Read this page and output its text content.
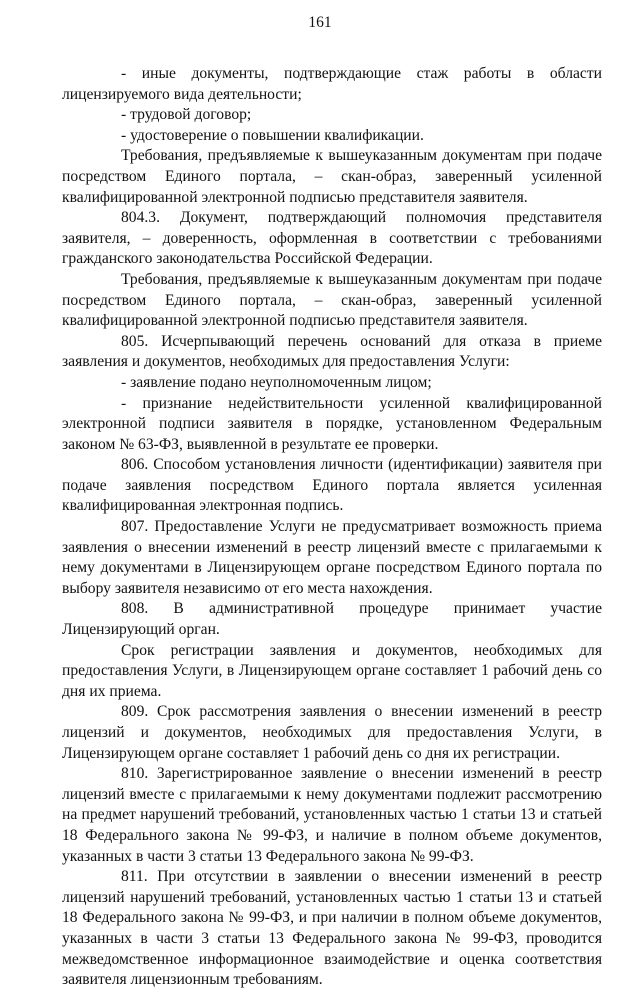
161

- иные документы, подтверждающие стаж работы в области лицензируемого вида деятельности;

- трудовой договор;

- удостоверение о повышении квалификации.

Требования, предъявляемые к вышеуказанным документам при подаче посредством Единого портала, – скан-образ, заверенный усиленной квалифицированной электронной подписью представителя заявителя.

804.3. Документ, подтверждающий полномочия представителя заявителя, – доверенность, оформленная в соответствии с требованиями гражданского законодательства Российской Федерации.

Требования, предъявляемые к вышеуказанным документам при подаче посредством Единого портала, – скан-образ, заверенный усиленной квалифицированной электронной подписью представителя заявителя.

805. Исчерпывающий перечень оснований для отказа в приеме заявления и документов, необходимых для предоставления Услуги:

- заявление подано неуполномоченным лицом;

- признание недействительности усиленной квалифицированной электронной подписи заявителя в порядке, установленном Федеральным законом № 63-ФЗ, выявленной в результате ее проверки.

806. Способом установления личности (идентификации) заявителя при подаче заявления посредством Единого портала является усиленная квалифицированная электронная подпись.

807. Предоставление Услуги не предусматривает возможность приема заявления о внесении изменений в реестр лицензий вместе с прилагаемыми к нему документами в Лицензирующем органе посредством Единого портала по выбору заявителя независимо от его места нахождения.

808. В административной процедуре принимает участие Лицензирующий орган.

Срок регистрации заявления и документов, необходимых для предоставления Услуги, в Лицензирующем органе составляет 1 рабочий день со дня их приема.

809. Срок рассмотрения заявления о внесении изменений в реестр лицензий и документов, необходимых для предоставления Услуги, в Лицензирующем органе составляет 1 рабочий день со дня их регистрации.

810. Зарегистрированное заявление о внесении изменений в реестр лицензий вместе с прилагаемыми к нему документами подлежит рассмотрению на предмет нарушений требований, установленных частью 1 статьи 13 и статьей 18 Федерального закона № 99-ФЗ, и наличие в полном объеме документов, указанных в части 3 статьи 13 Федерального закона № 99-ФЗ.

811. При отсутствии в заявлении о внесении изменений в реестр лицензий нарушений требований, установленных частью 1 статьи 13 и статьей 18 Федерального закона № 99-ФЗ, и при наличии в полном объеме документов, указанных в части 3 статьи 13 Федерального закона № 99-ФЗ, проводится межведомственное информационное взаимодействие и оценка соответствия заявителя лицензионным требованиям.
